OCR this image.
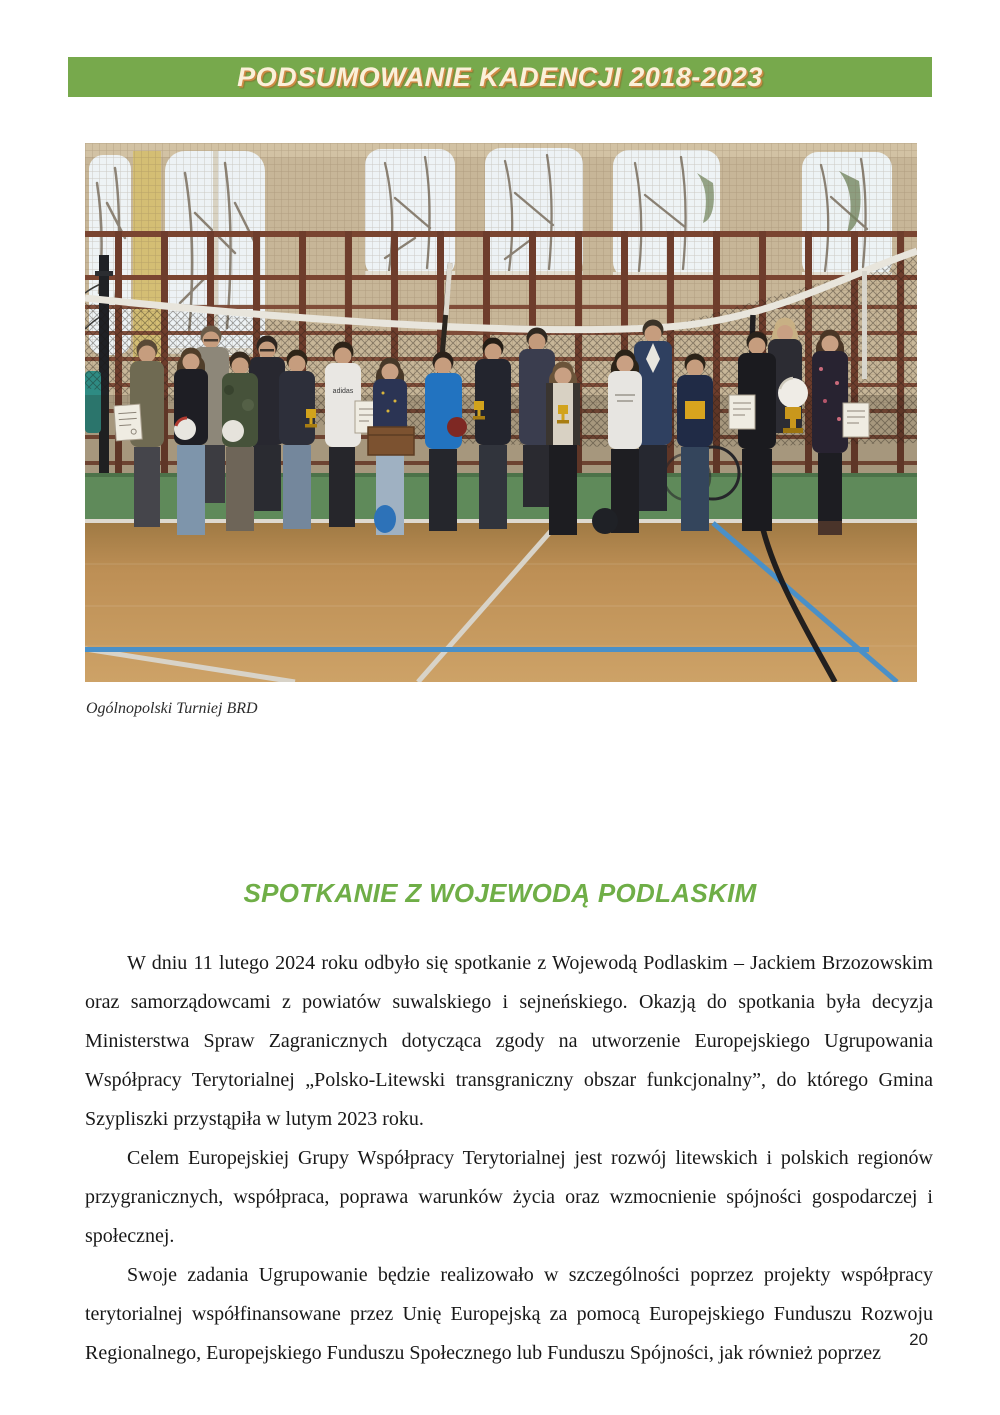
PODSUMOWANIE KADENCJI 2018-2023
adidas
Ogólnopolski Turniej BRD
SPOTKANIE Z WOJEWODĄ PODLASKIM

W dniu 11 lutego 2024 roku odbyło się spotkanie z Wojewodą Podlaskim – Jackiem Brzozowskim oraz samorządowcami z powiatów suwalskiego i sejneńskiego. Okazją do spotkania była decyzja Ministerstwa Spraw Zagranicznych dotycząca zgody na utworzenie Europejskiego Ugrupowania Współpracy Terytorialnej „Polsko-Litewski transgraniczny obszar funkcjonalny”, do którego Gmina Szypliszki przystąpiła w lutym 2023 roku.

Celem Europejskiej Grupy Współpracy Terytorialnej jest rozwój litewskich i polskich regionów przygranicznych, współpraca, poprawa warunków życia oraz wzmocnienie spójności gospodarczej i społecznej.

Swoje zadania Ugrupowanie będzie realizowało w szczególności poprzez projekty współpracy terytorialnej współfinansowane przez Unię Europejską za pomocą Europejskiego Funduszu Rozwoju Regionalnego, Europejskiego Funduszu Społecznego lub Funduszu Spójności, jak również poprzez

20
